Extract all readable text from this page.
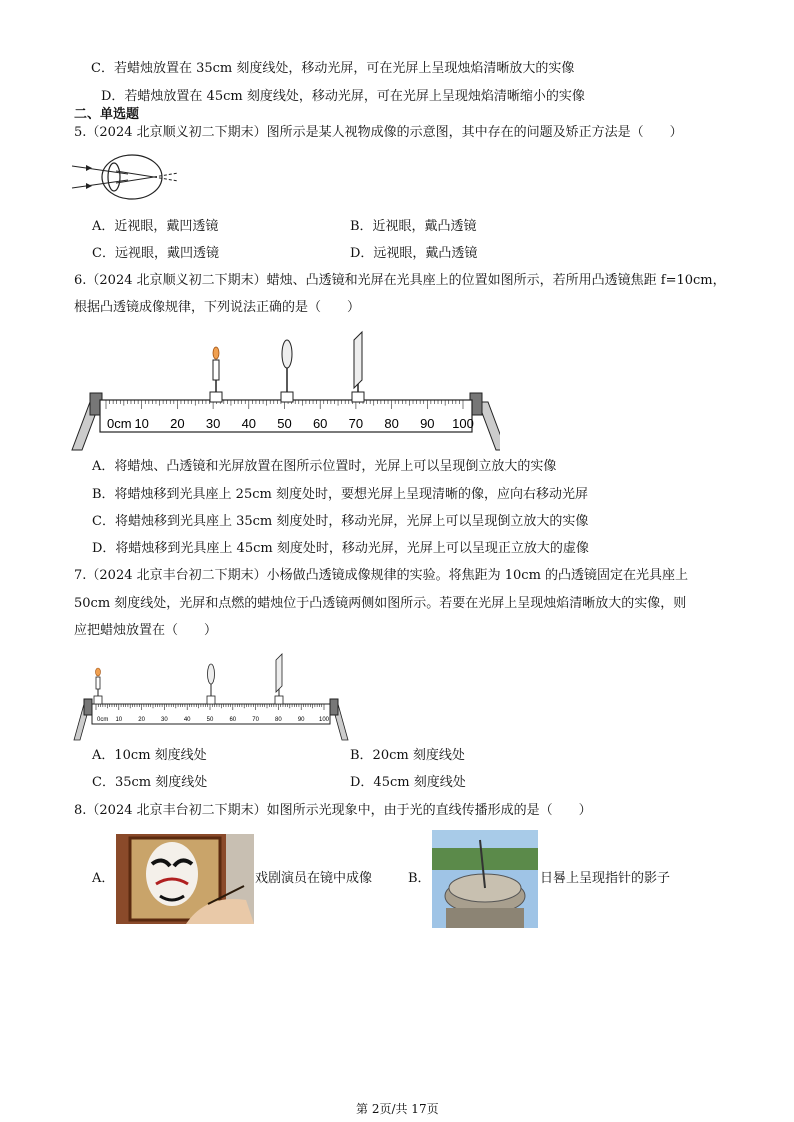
C．若蜡烛放置在 35cm 刻度线处，移动光屏，可在光屏上呈现烛焰清晰放大的实像
D．若蜡烛放置在 45cm 刻度线处，移动光屏，可在光屏上呈现烛焰清晰缩小的实像
二、单选题
5.（2024 北京顺义初二下期末）图所示是某人视物成像的示意图，其中存在的问题及矫正方法是（　　）
A．近视眼，戴凹透镜	B．近视眼，戴凸透镜
C．远视眼，戴凹透镜	D．远视眼，戴凸透镜
6.（2024 北京顺义初二下期末）蜡烛、凸透镜和光屏在光具座上的位置如图所示，若所用凸透镜焦距 f=10cm，
根据凸透镜成像规律，下列说法正确的是（　　）
0cm 10 20 30 40 50 60 70 80 90 100
A．将蜡烛、凸透镜和光屏放置在图所示位置时，光屏上可以呈现倒立放大的实像
B．将蜡烛移到光具座上 25cm 刻度处时，要想光屏上呈现清晰的像，应向右移动光屏
C．将蜡烛移到光具座上 35cm 刻度处时，移动光屏，光屏上可以呈现倒立放大的实像
D．将蜡烛移到光具座上 45cm 刻度处时，移动光屏，光屏上可以呈现正立放大的虚像
7.（2024 北京丰台初二下期末）小杨做凸透镜成像规律的实验。将焦距为 10cm 的凸透镜固定在光具座上
50cm 刻度线处，光屏和点燃的蜡烛位于凸透镜两侧如图所示。若要在光屏上呈现烛焰清晰放大的实像，则
应把蜡烛放置在（　　）
0cm 10	20	30	40	50	60	70	80	90 100
A．10cm 刻度线处	B．20cm 刻度线处
C．35cm 刻度线处	D．45cm 刻度线处
8.（2024 北京丰台初二下期末）如图所示光现象中，由于光的直线传播形成的是（　　）
A．	戏剧演员在镜中成像	B．	日晷上呈现指针的影子
第 2页/共 17页
